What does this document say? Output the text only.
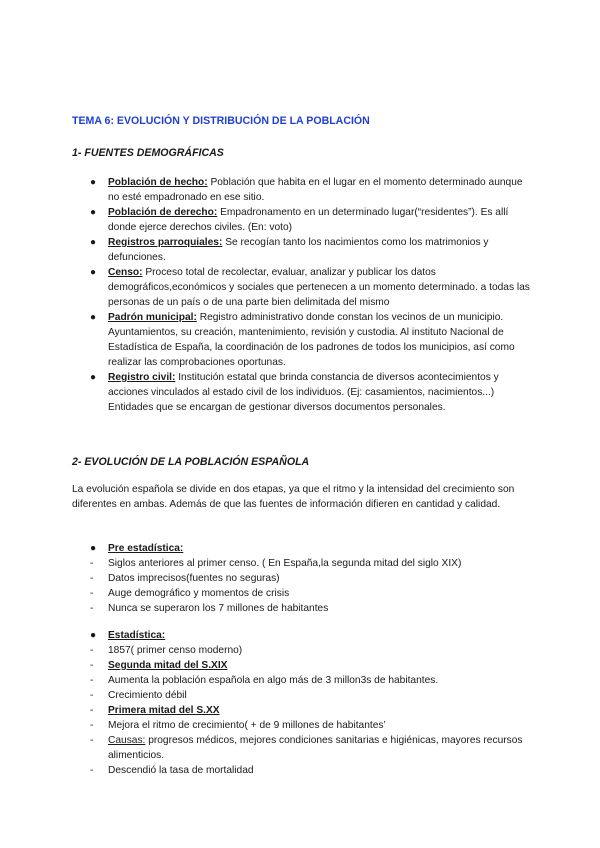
TEMA 6: EVOLUCIÓN Y DISTRIBUCIÓN DE LA POBLACIÓN
1- FUENTES DEMOGRÁFICAS
● Población de hecho: Población que habita en el lugar en el momento determinado aunque no esté empadronado en ese sitio.
● Población de derecho: Empadronamento en un determinado lugar(“residentes”). Es allí donde ejerce derechos civiles. (En: voto)
● Registros parroquiales: Se recogían tanto los nacimientos como los matrimonios y defunciones.
● Censo: Proceso total de recolectar, evaluar, analizar y publicar los datos demográficos,económicos y sociales que pertenecen a un momento determinado. a todas las personas de un país o de una parte bien delimitada del mismo
● Padrón municipal: Registro administrativo donde constan los vecinos de un municipio. Ayuntamientos, su creación, mantenimiento, revisión y custodia. Al instituto Nacional de Estadística de España, la coordinación de los padrones de todos los municipios, así como realizar las comprobaciones oportunas.
● Registro civil: Institución estatal que brinda constancia de diversos acontecimientos y acciones vinculados al estado civil de los individuos. (Ej: casamientos, nacimientos...) Entidades que se encargan de gestionar diversos documentos personales.
2- EVOLUCIÓN DE LA POBLACIÓN ESPAÑOLA
La evolución española se divide en dos etapas, ya que el ritmo y la intensidad del crecimiento son diferentes en ambas. Además de que las fuentes de información difieren en cantidad y calidad.
● Pre estadística:
- Siglos anteriores al primer censo. ( En España,la segunda mitad del siglo XIX)
- Datos imprecisos(fuentes no seguras)
- Auge demográfico y momentos de crisis
- Nunca se superaron los 7 millones de habitantes
● Estadística:
- 1857( primer censo moderno)
- Segunda mitad del S.XIX
- Aumenta la población española en algo más de 3 millon3s de habitantes.
- Crecimiento débil
- Primera mitad del S.XX
- Mejora el ritmo de crecimiento( + de 9 millones de habitantes’
- Causas: progresos médicos, mejores condiciones sanitarias e higiénicas, mayores recursos alimenticios.
- Descendió la tasa de mortalidad
